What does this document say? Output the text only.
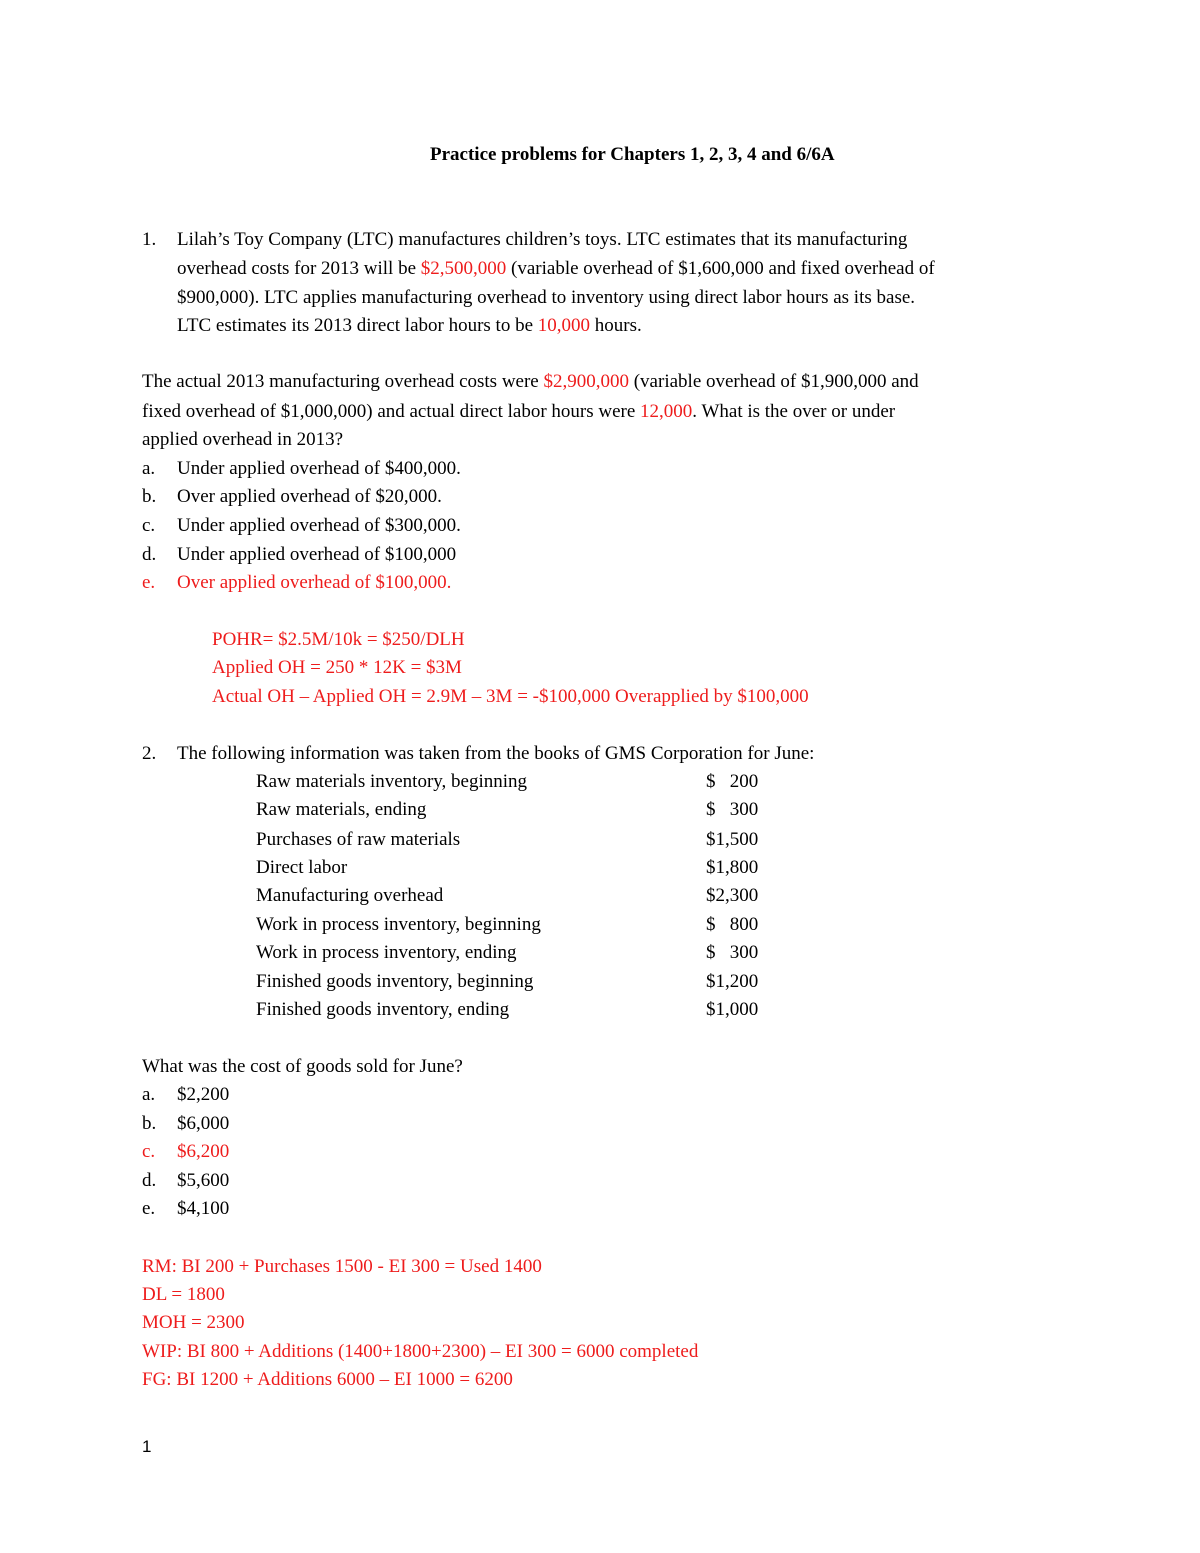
Practice problems for Chapters 1, 2, 3, 4 and 6/6A
1. Lilah’s Toy Company (LTC) manufactures children’s toys. LTC estimates that its manufacturing
overhead costs for 2013 will be $2,500,000 (variable overhead of $1,600,000 and fixed overhead of
$900,000). LTC applies manufacturing overhead to inventory using direct labor hours as its base.
LTC estimates its 2013 direct labor hours to be 10,000 hours.
The actual 2013 manufacturing overhead costs were $2,900,000 (variable overhead of $1,900,000 and
fixed overhead of $1,000,000) and actual direct labor hours were 12,000. What is the over or under
applied overhead in 2013?
a. Under applied overhead of $400,000.
b. Over applied overhead of $20,000.
c. Under applied overhead of $300,000.
d. Under applied overhead of $100,000
e. Over applied overhead of $100,000.
POHR= $2.5M/10k = $250/DLH
Applied OH = 250 * 12K = $3M
Actual OH – Applied OH = 2.9M – 3M = -$100,000 Overapplied by $100,000
2. The following information was taken from the books of GMS Corporation for June:
Raw materials inventory, beginning	$   200
Raw materials, ending	$   300
Purchases of raw materials	$1,500
Direct labor	$1,800
Manufacturing overhead	$2,300
Work in process inventory, beginning	$   800
Work in process inventory, ending	$   300
Finished goods inventory, beginning	$1,200
Finished goods inventory, ending	$1,000
What was the cost of goods sold for June?
a. $2,200
b. $6,000
c. $6,200
d. $5,600
e. $4,100
RM: BI 200 + Purchases 1500 - EI 300 = Used 1400
DL = 1800
MOH = 2300
WIP: BI 800 + Additions (1400+1800+2300) – EI 300 = 6000 completed
FG: BI 1200 + Additions 6000 – EI 1000 = 6200
1
